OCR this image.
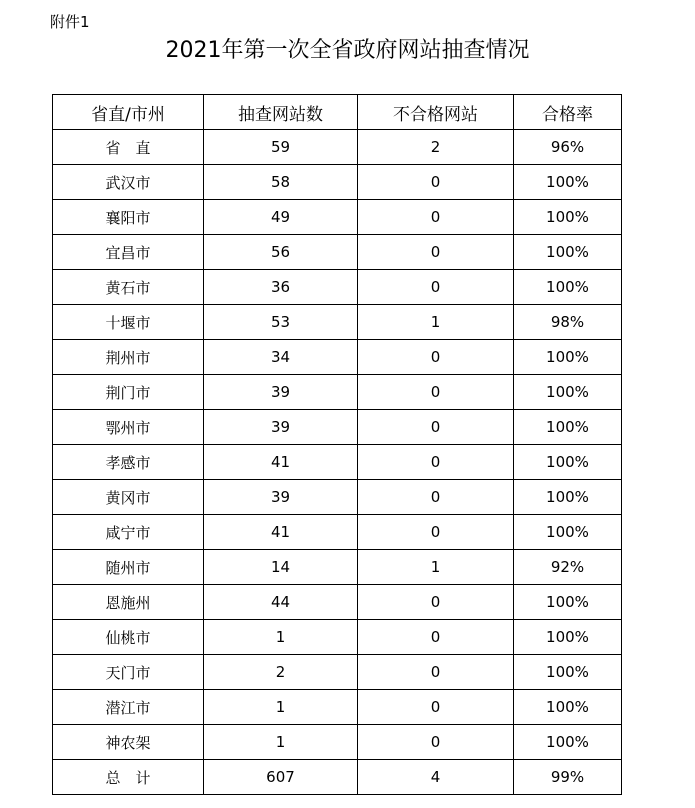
附件1
2021年第一次全省政府网站抽查情况
省直/市州	抽查网站数	不合格网站	合格率
省　直	59	2	96%
武汉市	58	0	100%
襄阳市	49	0	100%
宜昌市	56	0	100%
黄石市	36	0	100%
十堰市	53	1	98%
荆州市	34	0	100%
荆门市	39	0	100%
鄂州市	39	0	100%
孝感市	41	0	100%
黄冈市	39	0	100%
咸宁市	41	0	100%
随州市	14	1	92%
恩施州	44	0	100%
仙桃市	1	0	100%
天门市	2	0	100%
潜江市	1	0	100%
神农架	1	0	100%
总　计	607	4	99%
